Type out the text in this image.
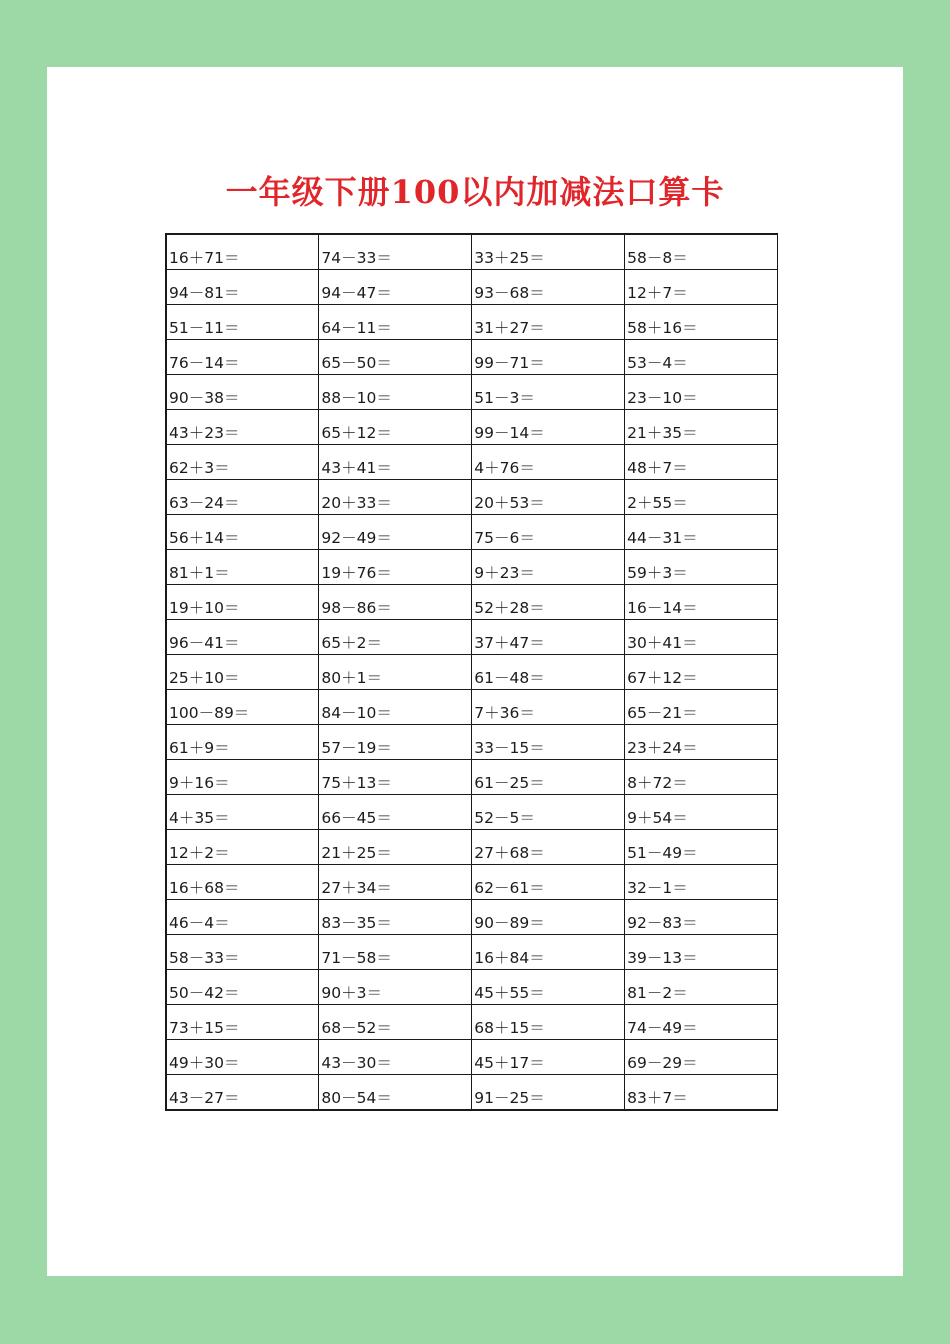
一年级下册100以内加减法口算卡
16＋71＝	74－33＝	33＋25＝	58－8＝
94－81＝	94－47＝	93－68＝	12＋7＝
51－11＝	64－11＝	31＋27＝	58＋16＝
76－14＝	65－50＝	99－71＝	53－4＝
90－38＝	88－10＝	51－3＝	23－10＝
43＋23＝	65＋12＝	99－14＝	21＋35＝
62＋3＝	43＋41＝	4＋76＝	48＋7＝
63－24＝	20＋33＝	20＋53＝	2＋55＝
56＋14＝	92－49＝	75－6＝	44－31＝
81＋1＝	19＋76＝	9＋23＝	59＋3＝
19＋10＝	98－86＝	52＋28＝	16－14＝
96－41＝	65＋2＝	37＋47＝	30＋41＝
25＋10＝	80＋1＝	61－48＝	67＋12＝
100－89＝	84－10＝	7＋36＝	65－21＝
61＋9＝	57－19＝	33－15＝	23＋24＝
9＋16＝	75＋13＝	61－25＝	8＋72＝
4＋35＝	66－45＝	52－5＝	9＋54＝
12＋2＝	21＋25＝	27＋68＝	51－49＝
16＋68＝	27＋34＝	62－61＝	32－1＝
46－4＝	83－35＝	90－89＝	92－83＝
58－33＝	71－58＝	16＋84＝	39－13＝
50－42＝	90＋3＝	45＋55＝	81－2＝
73＋15＝	68－52＝	68＋15＝	74－49＝
49＋30＝	43－30＝	45＋17＝	69－29＝
43－27＝	80－54＝	91－25＝	83＋7＝
